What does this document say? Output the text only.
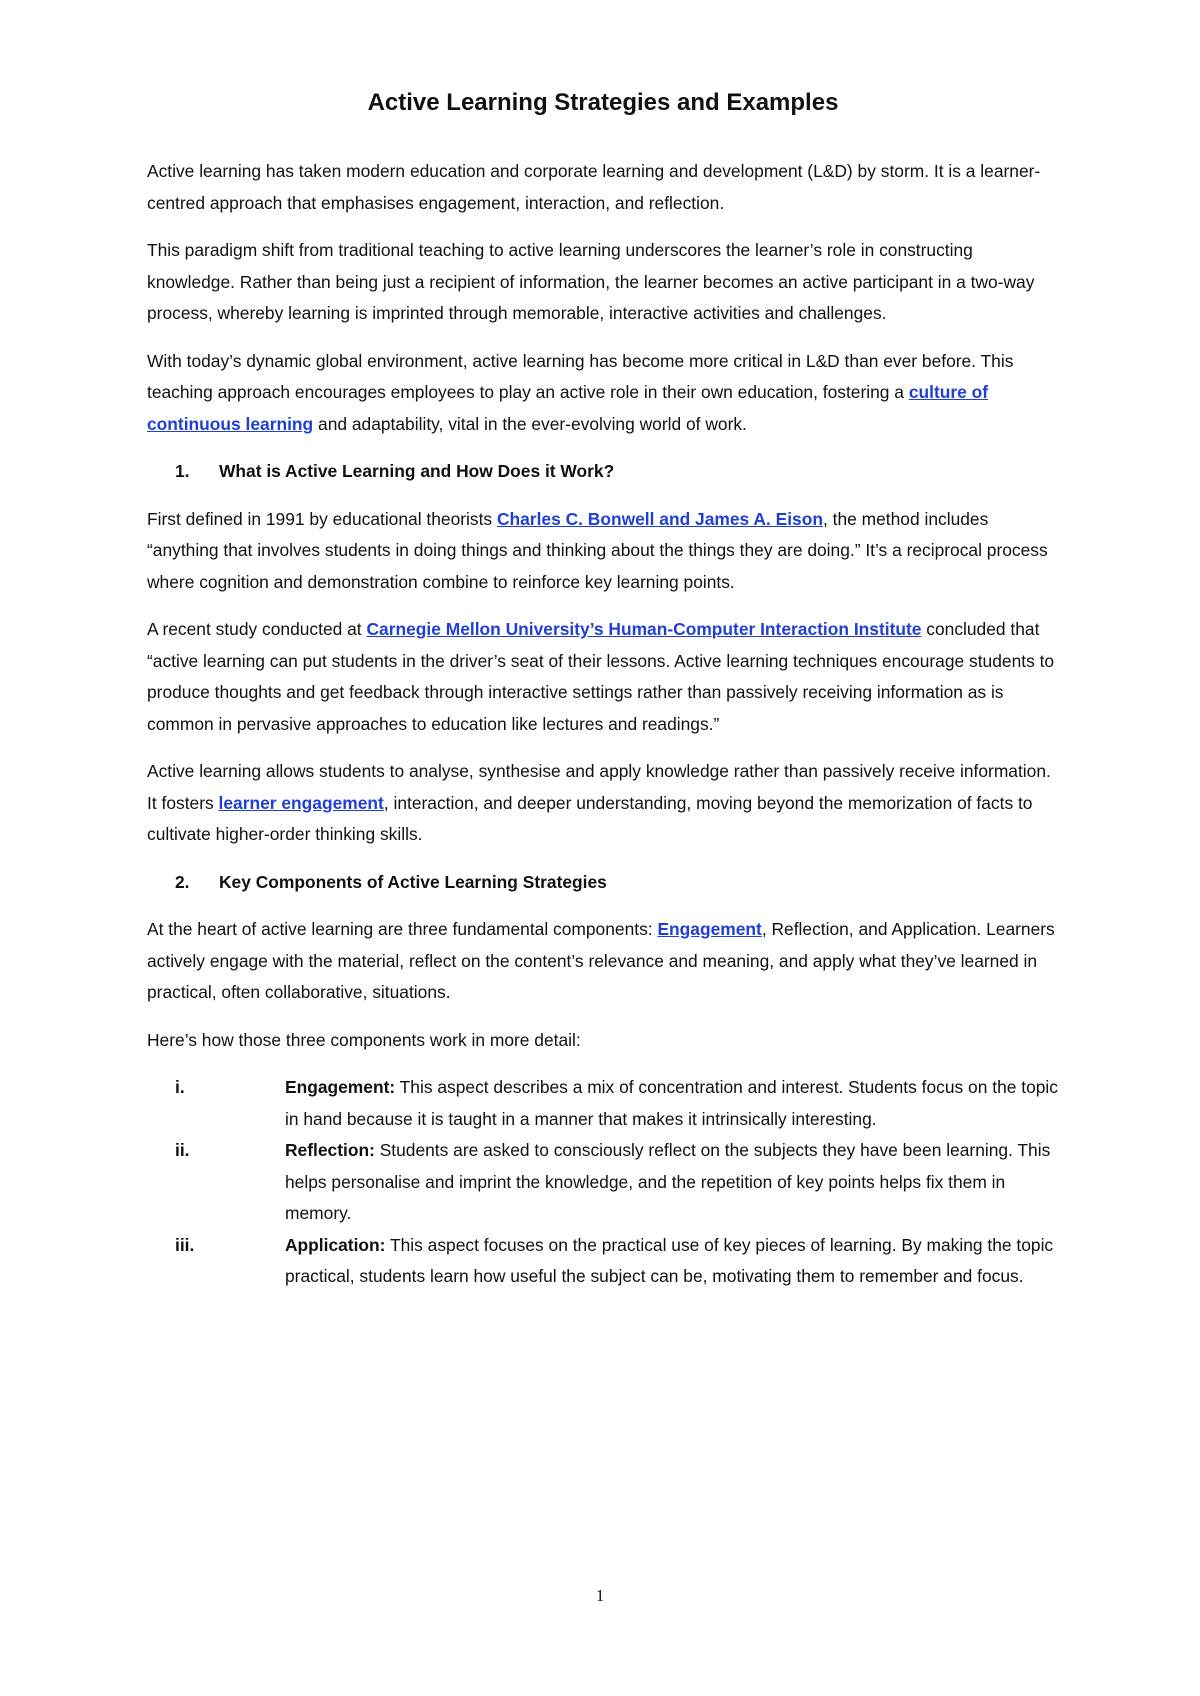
Active Learning Strategies and Examples

Active learning has taken modern education and corporate learning and development (L&D) by storm. It is a learner-centred approach that emphasises engagement, interaction, and reflection.

This paradigm shift from traditional teaching to active learning underscores the learner’s role in constructing knowledge. Rather than being just a recipient of information, the learner becomes an active participant in a two-way process, whereby learning is imprinted through memorable, interactive activities and challenges.

With today’s dynamic global environment, active learning has become more critical in L&D than ever before. This teaching approach encourages employees to play an active role in their own education, fostering a culture of continuous learning and adaptability, vital in the ever-evolving world of work.

1. What is Active Learning and How Does it Work?

First defined in 1991 by educational theorists Charles C. Bonwell and James A. Eison, the method includes “anything that involves students in doing things and thinking about the things they are doing.” It’s a reciprocal process where cognition and demonstration combine to reinforce key learning points.

A recent study conducted at Carnegie Mellon University’s Human-Computer Interaction Institute concluded that “active learning can put students in the driver’s seat of their lessons. Active learning techniques encourage students to produce thoughts and get feedback through interactive settings rather than passively receiving information as is common in pervasive approaches to education like lectures and readings.”

Active learning allows students to analyse, synthesise and apply knowledge rather than passively receive information. It fosters learner engagement, interaction, and deeper understanding, moving beyond the memorization of facts to cultivate higher-order thinking skills.

2. Key Components of Active Learning Strategies

At the heart of active learning are three fundamental components: Engagement, Reflection, and Application. Learners actively engage with the material, reflect on the content’s relevance and meaning, and apply what they’ve learned in practical, often collaborative, situations.

Here’s how those three components work in more detail:

i.	Engagement: This aspect describes a mix of concentration and interest. Students focus on the topic in hand because it is taught in a manner that makes it intrinsically interesting.
ii.	Reflection: Students are asked to consciously reflect on the subjects they have been learning. This helps personalise and imprint the knowledge, and the repetition of key points helps fix them in memory.
iii.	Application: This aspect focuses on the practical use of key pieces of learning. By making the topic practical, students learn how useful the subject can be, motivating them to remember and focus.
1
